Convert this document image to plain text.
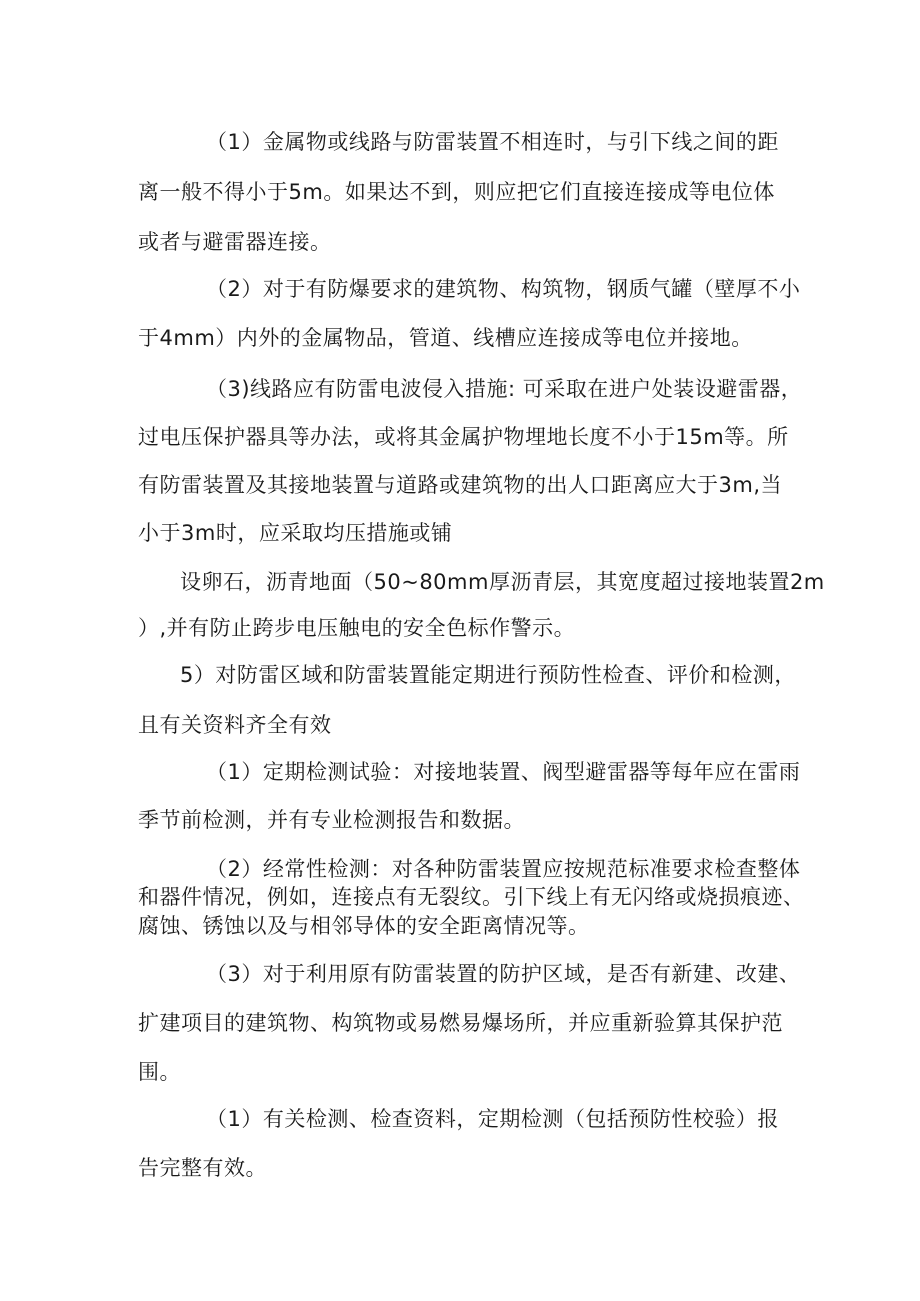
（1）金属物或线路与防雷装置不相连时，与引下线之间的距
离一般不得小于5m。如果达不到，则应把它们直接连接成等电位体
或者与避雷器连接。
（2）对于有防爆要求的建筑物、构筑物，钢质气罐（壁厚不小
于4mm）内外的金属物品，管道、线槽应连接成等电位并接地。
（3)线路应有防雷电波侵入措施: 可采取在进户处装设避雷器，
过电压保护器具等办法，或将其金属护物埋地长度不小于15m等。所
有防雷装置及其接地装置与道路或建筑物的出人口距离应大于3m,当
小于3m时，应采取均压措施或铺
设卵石，沥青地面（50~80mm厚沥青层，其宽度超过接地装置2m
）,并有防止跨步电压触电的安全色标作警示。
5）对防雷区域和防雷装置能定期进行预防性检查、评价和检测，
且有关资料齐全有效
（1）定期检测试验：对接地装置、阀型避雷器等每年应在雷雨
季节前检测，并有专业检测报告和数据。
（2）经常性检测：对各种防雷装置应按规范标准要求检查整体
和器件情况，例如，连接点有无裂纹。引下线上有无闪络或烧损痕迹、
腐蚀、锈蚀以及与相邻导体的安全距离情况等。
（3）对于利用原有防雷装置的防护区域，是否有新建、改建、
扩建项目的建筑物、构筑物或易燃易爆场所，并应重新验算其保护范
围。
（1）有关检测、检查资料，定期检测（包括预防性校验）报
告完整有效。
